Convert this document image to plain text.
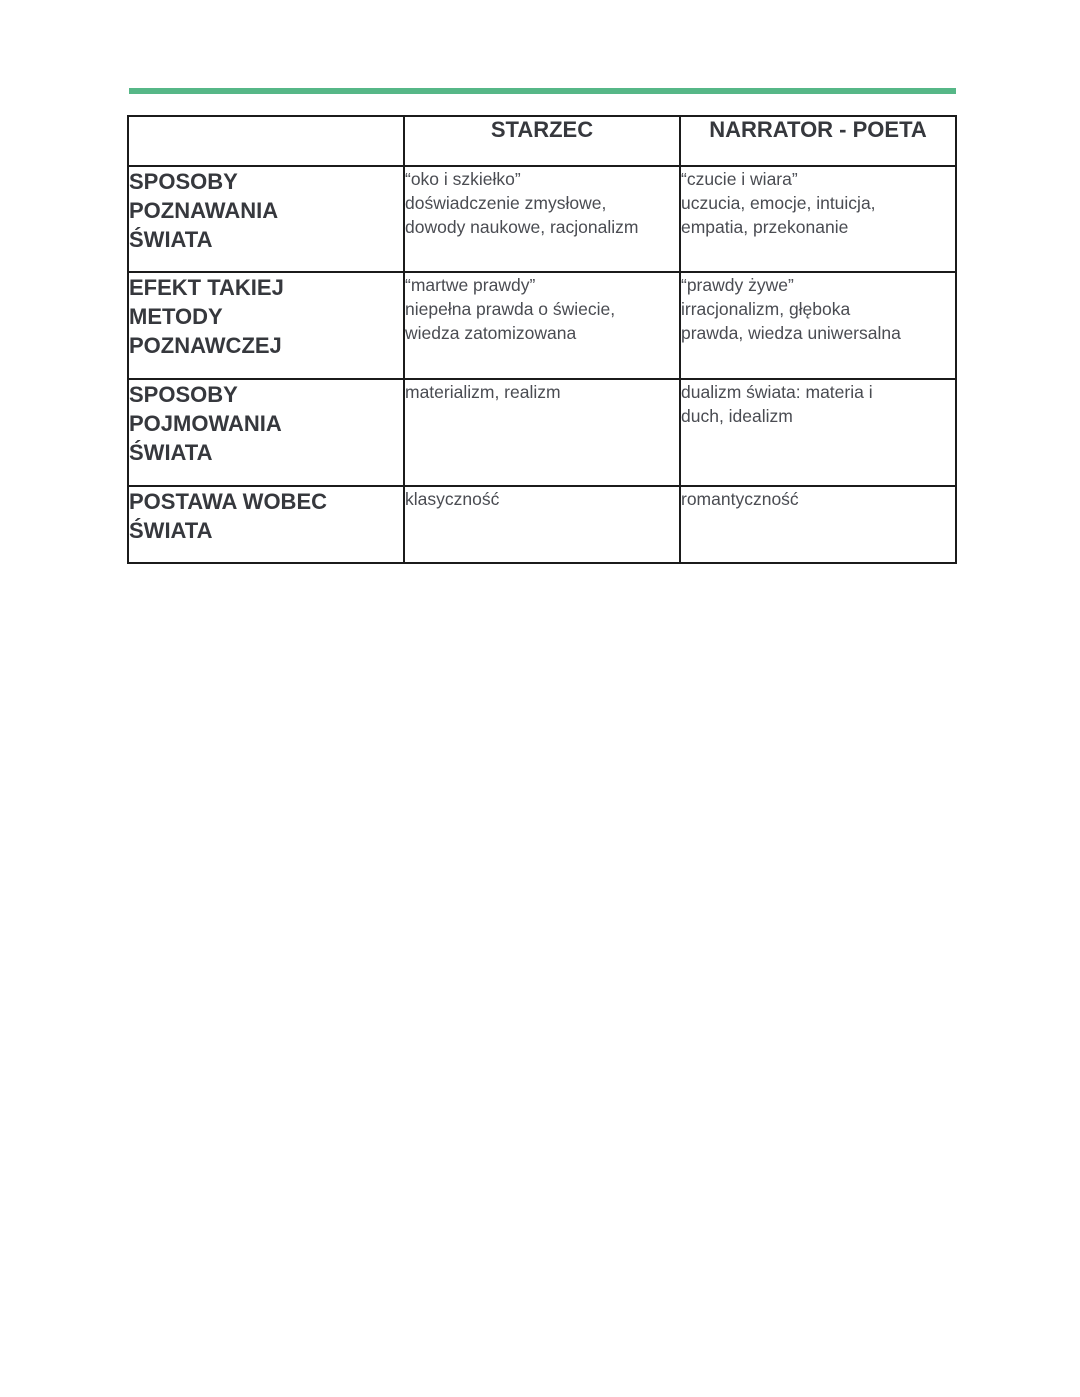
	STARZEC	NARRATOR - POETA

SPOSOBY
POZNAWANIA
ŚWIATA	“oko i szkiełko”
doświadczenie zmysłowe,
dowody naukowe, racjonalizm	“czucie i wiara”
uczucia, emocje, intuicja,
empatia, przekonanie

EFEKT TAKIEJ
METODY
POZNAWCZEJ	“martwe prawdy”
niepełna prawda o świecie,
wiedza zatomizowana	“prawdy żywe”
irracjonalizm, głęboka
prawda, wiedza uniwersalna

SPOSOBY
POJMOWANIA
ŚWIATA	materializm, realizm	dualizm świata: materia i
duch, idealizm

POSTAWA WOBEC
ŚWIATA	klasyczność	romantyczność
